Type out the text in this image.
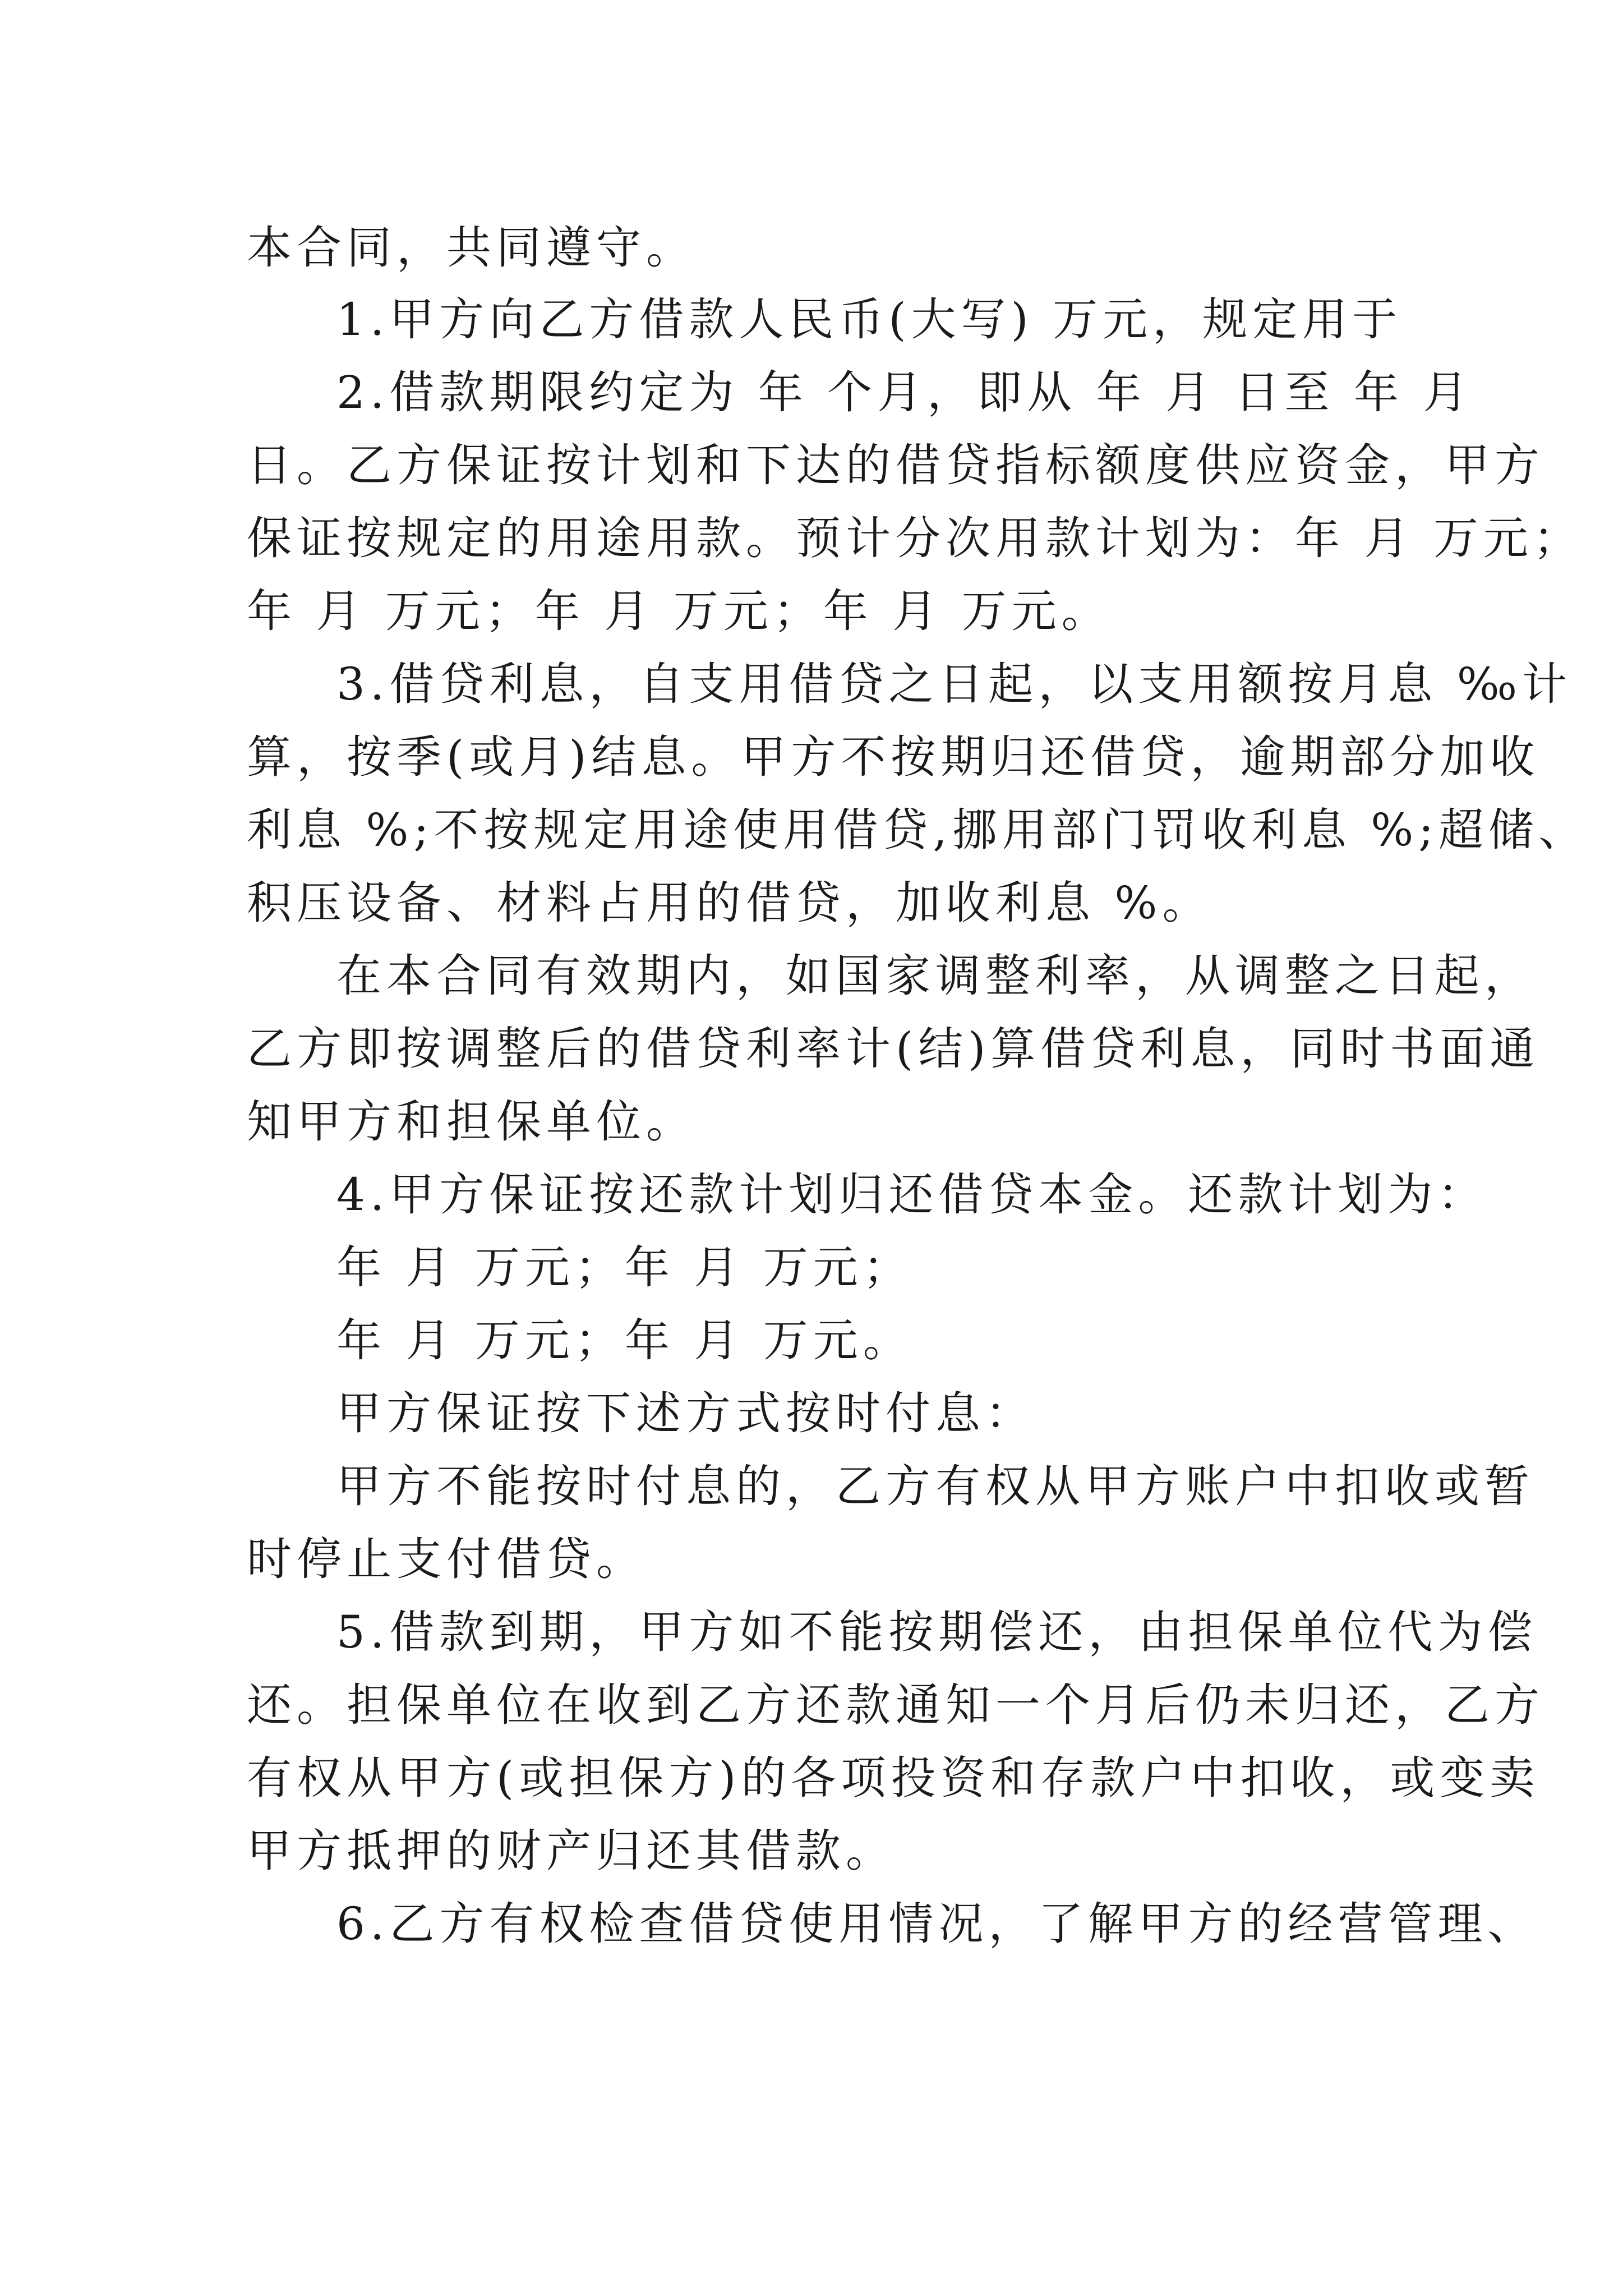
本合同，共同遵守。
1.甲方向乙方借款人民币(大写) 万元，规定用于
2.借款期限约定为 年 个月，即从 年 月 日至 年 月
日。乙方保证按计划和下达的借贷指标额度供应资金，甲方
保证按规定的用途用款。预计分次用款计划为：年 月 万元；
年 月 万元；年 月 万元；年 月 万元。
3.借贷利息，自支用借贷之日起，以支用额按月息 ‰计
算，按季(或月)结息。甲方不按期归还借贷，逾期部分加收
利息 %;不按规定用途使用借贷,挪用部门罚收利息 %;超储、
积压设备、材料占用的借贷，加收利息 %。
在本合同有效期内，如国家调整利率，从调整之日起，
乙方即按调整后的借贷利率计(结)算借贷利息，同时书面通
知甲方和担保单位。
4.甲方保证按还款计划归还借贷本金。还款计划为：
年 月 万元；年 月 万元；
年 月 万元；年 月 万元。
甲方保证按下述方式按时付息：
甲方不能按时付息的，乙方有权从甲方账户中扣收或暂
时停止支付借贷。
5.借款到期，甲方如不能按期偿还，由担保单位代为偿
还。担保单位在收到乙方还款通知一个月后仍未归还，乙方
有权从甲方(或担保方)的各项投资和存款户中扣收，或变卖
甲方抵押的财产归还其借款。
6.乙方有权检查借贷使用情况，了解甲方的经营管理、
